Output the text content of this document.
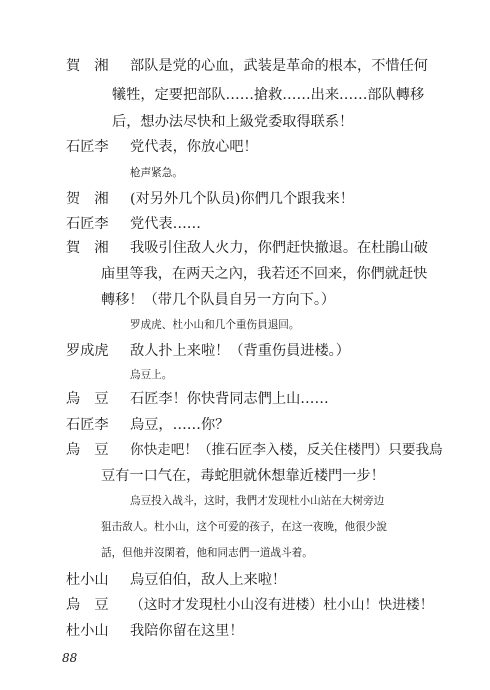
賀　湘 部队是党的心血，武装是革命的根本，不惜任何
犧牲，定要把部队……搶救……出来……部队轉移
后，想办法尽快和上級党委取得联系！
石匠李 党代表，你放心吧！
枪声紧急。
贺　湘 (对另外几个队员)你們几个跟我来！
石匠李 党代表……
賀　湘 我吸引住敌人火力，你們赶快撤退。在杜鵑山破
庙里等我，在两天之內，我若还不回来，你們就赶快
轉移！（带几个队員自另一方向下。）
罗成虎、杜小山和几个重伤員退回。
罗成虎 敌人扑上来啦！（背重伤員进楼。）
烏豆上。
烏　豆 石匠李！你快背同志們上山……
石匠李 烏豆，……你？
烏　豆 你快走吧！（推石匠李入楼，反关住楼門）只要我烏
豆有一口气在，毒蛇胆就休想靠近楼門一步！
烏豆投入战斗，这时，我們才发现杜小山站在大树旁边
狙击敌人。杜小山，这个可爱的孩子，在这一夜晚，他很少說
話，但他并沒閑着，他和同志們一道战斗着。
杜小山 烏豆伯伯，敌人上来啦！
烏　豆 （这时才发現杜小山沒有进楼）杜小山！快进楼！
杜小山 我陪你留在这里！
88
